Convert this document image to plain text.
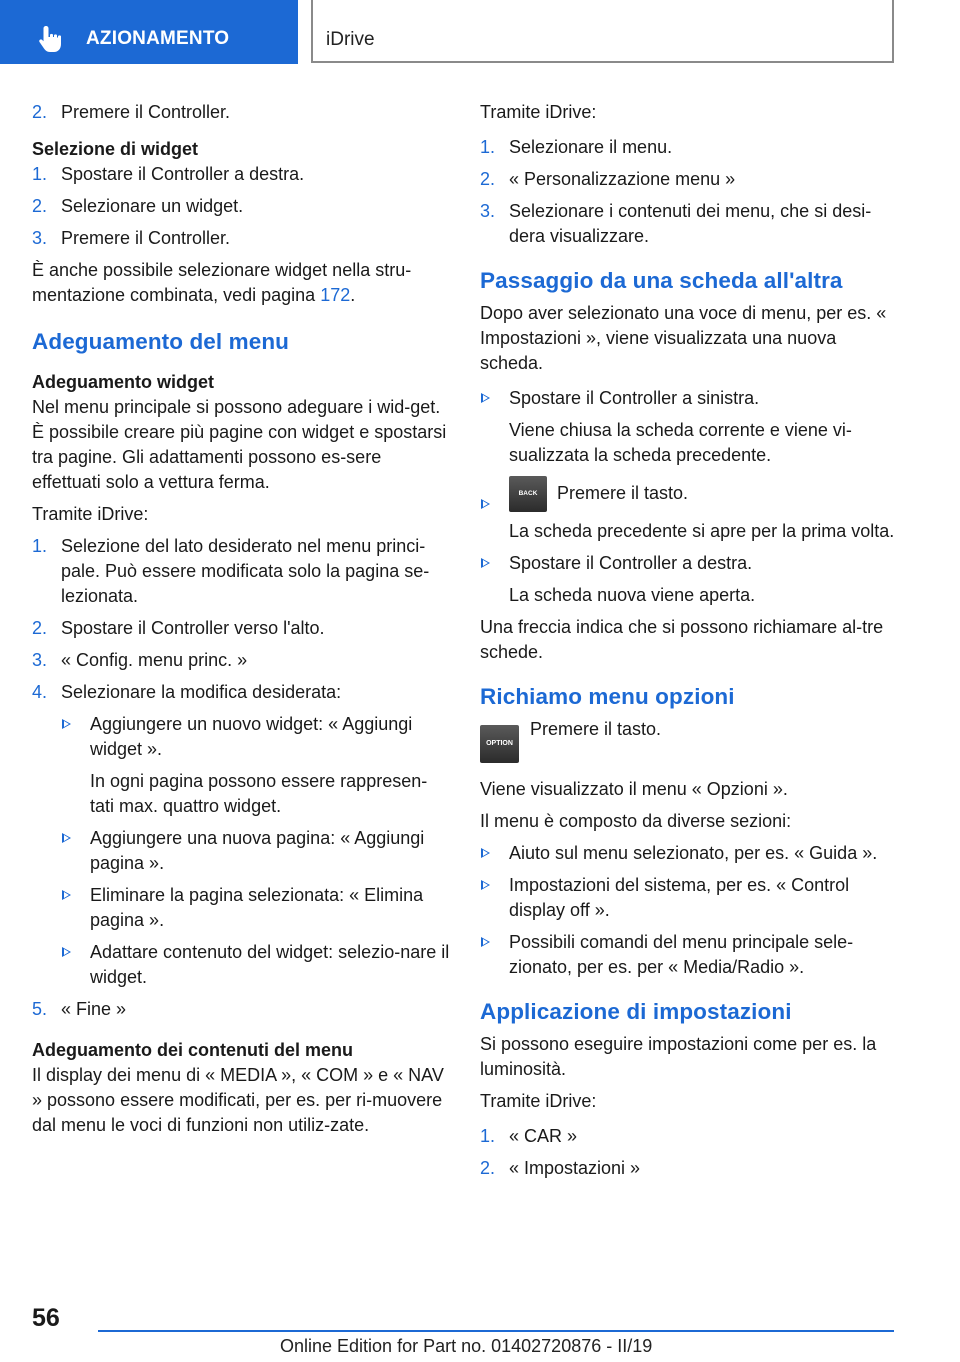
AZIONAMENTO	iDrive
2. Premere il Controller.
Selezione di widget
1. Spostare il Controller a destra.
2. Selezionare un widget.
3. Premere il Controller.

È anche possibile selezionare widget nella stru-mentazione combinata, vedi pagina 172.

Adeguamento del menu
Adeguamento widget

Nel menu principale si possono adeguare i wid-get. È possibile creare più pagine con widget e spostarsi tra pagine. Gli adattamenti possono es-sere effettuati solo a vettura ferma.

Tramite iDrive:

1. Selezione del lato desiderato nel menu princi-pale. Può essere modificata solo la pagina se-lezionata.
2. Spostare il Controller verso l'alto.
3. « Config. menu princ. »
4. Selezionare la modifica desiderata:
Aggiungere un nuovo widget: « Aggiungi widget ».
In ogni pagina possono essere rappresen-tati max. quattro widget.
Aggiungere una nuova pagina: « Aggiungi pagina ».
Eliminare la pagina selezionata: « Elimina pagina ».
Adattare contenuto del widget: selezio-nare il widget.
5. « Fine »
Adeguamento dei contenuti del menu

Il display dei menu di « MEDIA », « COM » e « NAV » possono essere modificati, per es. per ri-muovere dal menu le voci di funzioni non utiliz-zate.

Tramite iDrive:

1. Selezionare il menu.
2. « Personalizzazione menu »
3. Selezionare i contenuti dei menu, che si desi-dera visualizzare.
Passaggio da una scheda all'altra

Dopo aver selezionato una voce di menu, per es. « Impostazioni », viene visualizzata una nuova scheda.

Spostare il Controller a sinistra.
Viene chiusa la scheda corrente e viene vi-sualizzata la scheda precedente.
BACK Premere il tasto.
La scheda precedente si apre per la prima volta.
Spostare il Controller a destra.
La scheda nuova viene aperta.

Una freccia indica che si possono richiamare al-tre schede.

Richiamo menu opzioni
OPTION
Premere il tasto.

Viene visualizzato il menu « Opzioni ».

Il menu è composto da diverse sezioni:

Aiuto sul menu selezionato, per es. « Guida ».
Impostazioni del sistema, per es. « Control display off ».
Possibili comandi del menu principale sele-zionato, per es. per « Media/Radio ».
Applicazione di impostazioni

Si possono eseguire impostazioni come per es. la luminosità.

Tramite iDrive:

1. « CAR »
2. « Impostazioni »
56
Online Edition for Part no. 01402720876 - II/19
